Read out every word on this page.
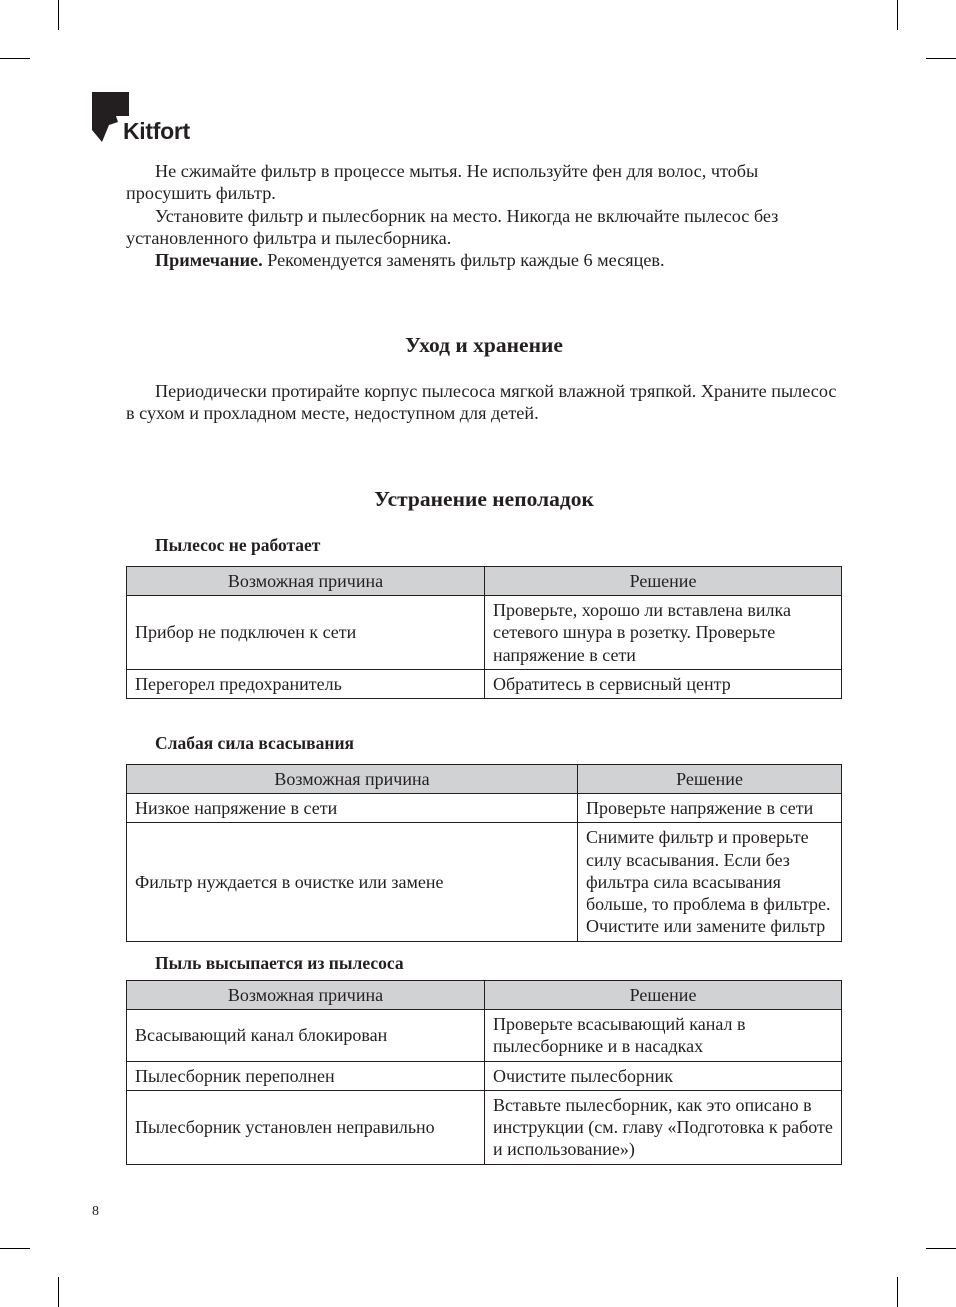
Kitfort

Не сжимайте фильтр в процессе мытья. Не используйте фен для волос, чтобы просушить фильтр.

Установите фильтр и пылесборник на место. Никогда не включайте пылесос без установленного фильтра и пылесборника.

Примечание. Рекомендуется заменять фильтр каждые 6 месяцев.

Уход и хранение

Периодически протирайте корпус пылесоса мягкой влажной тряпкой. Храните пылесос в сухом и прохладном месте, недоступном для детей.

Устранение неполадок
Пылесос не работает
Возможная причина	Решение
Прибор не подключен к сети	Проверьте, хорошо ли вставлена вилка сетевого шнура в розетку. Проверьте напряжение в сети
Перегорел предохранитель	Обратитесь в сервисный центр
Слабая сила всасывания
Возможная причина	Решение
Низкое напряжение в сети	Проверьте напряжение в сети
Фильтр нуждается в очистке или замене	Снимите фильтр и проверьте силу всасывания. Если без фильтра сила всасывания больше, то проблема в фильтре. Очистите или замените фильтр
Пыль высыпается из пылесоса
Возможная причина	Решение
Всасывающий канал блокирован	Проверьте всасывающий канал в пылесборнике и в насадках
Пылесборник переполнен	Очистите пылесборник
Пылесборник установлен неправильно	Вставьте пылесборник, как это описано в инструкции (см. главу «Подготовка к работе и использование»)
8
